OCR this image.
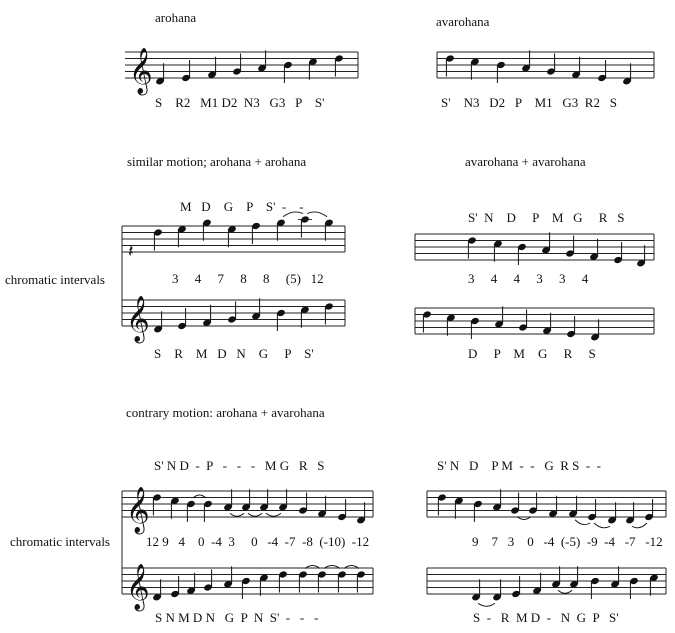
arohana	avarohana
similar motion; arohana + arohana	avarohana + avarohana
contrary motion: arohana + avarohana
chromatic intervals
chromatic intervals
S    R2   M1 D2  N3   G3   P    S'	S'    N3   D2   P    M1   G3  R2   S
M   D    G    P    S'  -    -
3     4     7     8     8     (5)   12
S    R    M   D   N    G     P    S'
S'  N    D     P    M   G     R   S
3     4     4     3     3     4
D     P    M    G     R     S
S' N D  -  P   -   -   -   M G   R   S
12 9   4    0  -4  3     0   -4  -7  -8  (-10)  -12
S N M D N   G  P  N  S'  -   -   -
S' N   D    P M  -  -   G  R S  -  -
9    7   3    0   -4  (-5)  -9  -4   -7   -12
S  -   R  M D  -   N  G  P   S'
𝄞
𝄽
𝄞
𝄞
𝄞
